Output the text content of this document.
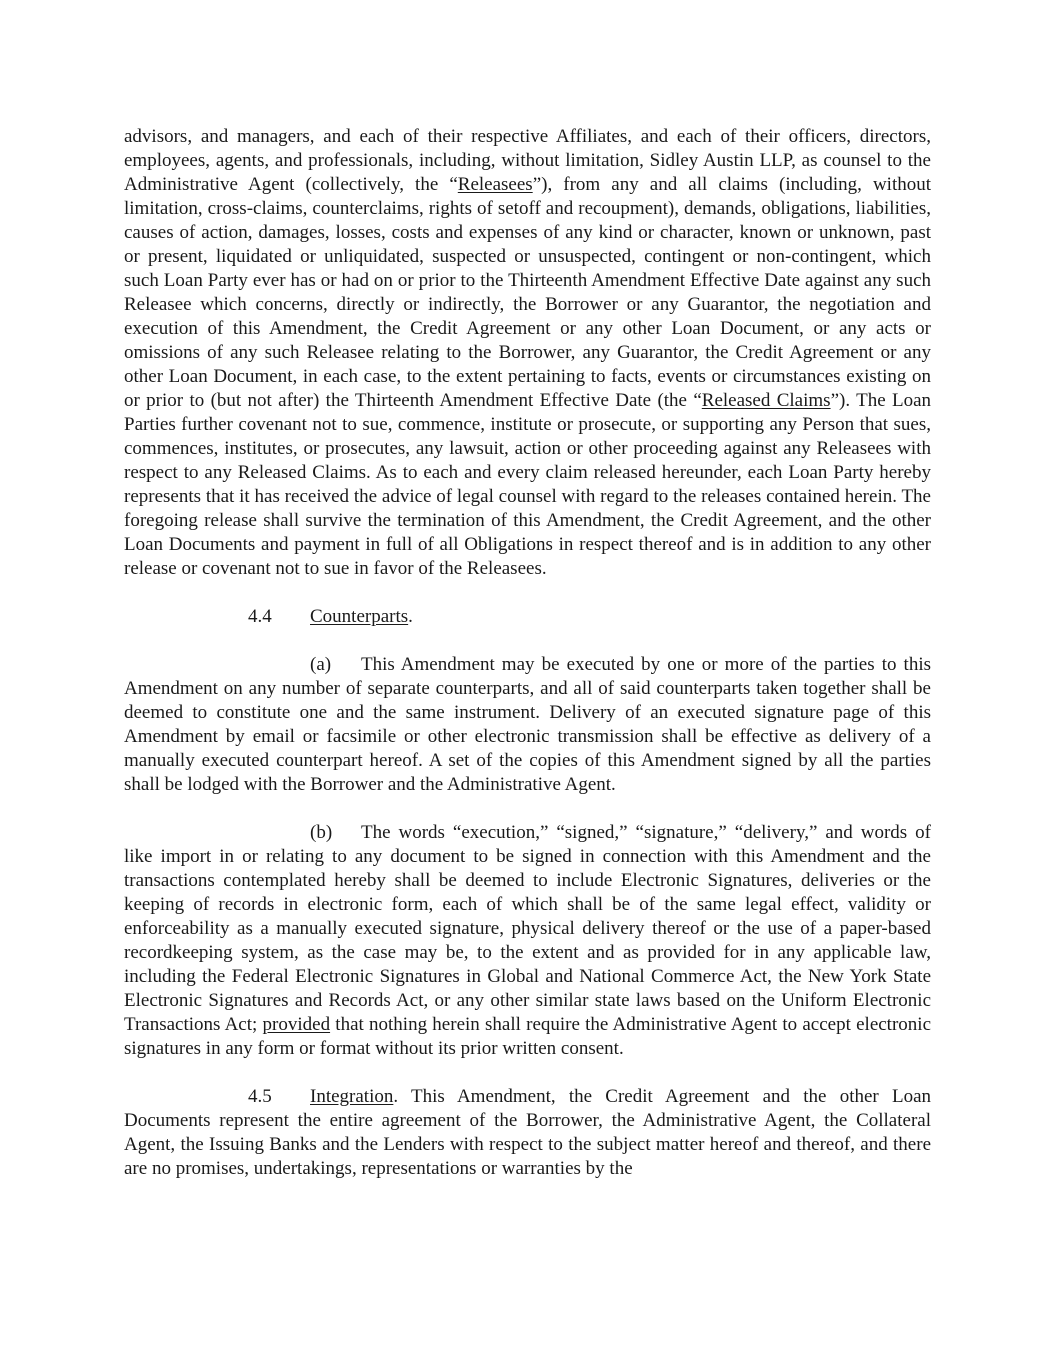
advisors, and managers, and each of their respective Affiliates, and each of their officers, directors, employees, agents, and professionals, including, without limitation, Sidley Austin LLP, as counsel to the Administrative Agent (collectively, the “Releasees”), from any and all claims (including, without limitation, cross-claims, counterclaims, rights of setoff and recoupment), demands, obligations, liabilities, causes of action, damages, losses, costs and expenses of any kind or character, known or unknown, past or present, liquidated or unliquidated, suspected or unsuspected, contingent or non-contingent, which such Loan Party ever has or had on or prior to the Thirteenth Amendment Effective Date against any such Releasee which concerns, directly or indirectly, the Borrower or any Guarantor, the negotiation and execution of this Amendment, the Credit Agreement or any other Loan Document, or any acts or omissions of any such Releasee relating to the Borrower, any Guarantor, the Credit Agreement or any other Loan Document, in each case, to the extent pertaining to facts, events or circumstances existing on or prior to (but not after) the Thirteenth Amendment Effective Date (the “Released Claims”). The Loan Parties further covenant not to sue, commence, institute or prosecute, or supporting any Person that sues, commences, institutes, or prosecutes, any lawsuit, action or other proceeding against any Releasees with respect to any Released Claims. As to each and every claim released hereunder, each Loan Party hereby represents that it has received the advice of legal counsel with regard to the releases contained herein. The foregoing release shall survive the termination of this Amendment, the Credit Agreement, and the other Loan Documents and payment in full of all Obligations in respect thereof and is in addition to any other release or covenant not to sue in favor of the Releasees.

4.4 Counterparts.

(a) This Amendment may be executed by one or more of the parties to this Amendment on any number of separate counterparts, and all of said counterparts taken together shall be deemed to constitute one and the same instrument. Delivery of an executed signature page of this Amendment by email or facsimile or other electronic transmission shall be effective as delivery of a manually executed counterpart hereof. A set of the copies of this Amendment signed by all the parties shall be lodged with the Borrower and the Administrative Agent.

(b) The words “execution,” “signed,” “signature,” “delivery,” and words of like import in or relating to any document to be signed in connection with this Amendment and the transactions contemplated hereby shall be deemed to include Electronic Signatures, deliveries or the keeping of records in electronic form, each of which shall be of the same legal effect, validity or enforceability as a manually executed signature, physical delivery thereof or the use of a paper-based recordkeeping system, as the case may be, to the extent and as provided for in any applicable law, including the Federal Electronic Signatures in Global and National Commerce Act, the New York State Electronic Signatures and Records Act, or any other similar state laws based on the Uniform Electronic Transactions Act; provided that nothing herein shall require the Administrative Agent to accept electronic signatures in any form or format without its prior written consent.

4.5 Integration. This Amendment, the Credit Agreement and the other Loan Documents represent the entire agreement of the Borrower, the Administrative Agent, the Collateral Agent, the Issuing Banks and the Lenders with respect to the subject matter hereof and thereof, and there are no promises, undertakings, representations or warranties by the
